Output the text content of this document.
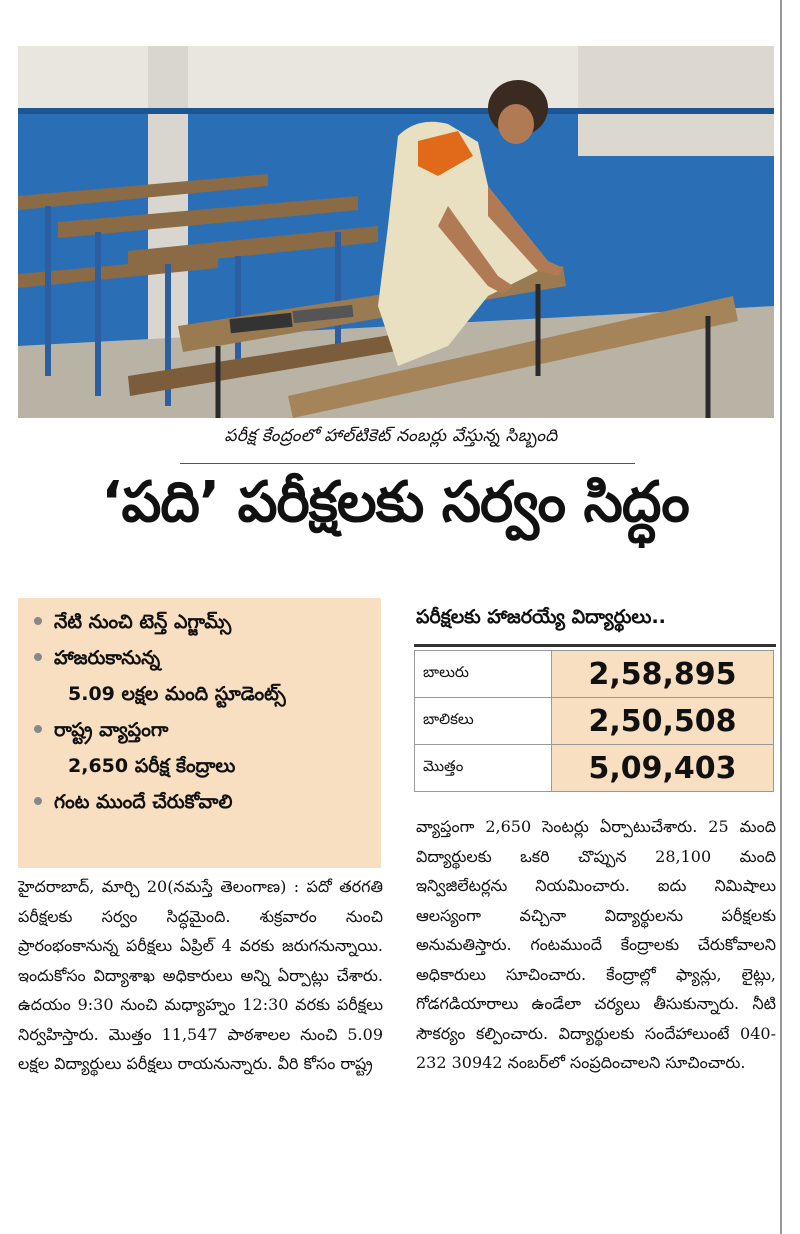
పరీక్ష కేంద్రంలో హాల్‌టికెట్ నంబర్లు వేస్తున్న సిబ్బంది
‘పది’ పరీక్షలకు సర్వం సిద్ధం
నేటి నుంచి టెన్త్ ఎగ్జామ్స్
హాజరుకానున్న
5.09 లక్షల మంది స్టూడెంట్స్
రాష్ట్ర వ్యాప్తంగా
2,650 పరీక్ష కేంద్రాలు
గంట ముందే చేరుకోవాలి
పరీక్షలకు హాజరయ్యే విద్యార్థులు..
బాలురు	2,58,895
బాలికలు	2,50,508
మొత్తం	5,09,403

హైదరాబాద్, మార్చి 20(నమస్తే తెలంగాణ) : పదో తరగతి పరీక్షలకు సర్వం సిద్ధమైంది. శుక్రవారం నుంచి ప్రారంభంకానున్న పరీక్షలు ఏప్రిల్ 4 వరకు జరుగనున్నాయి. ఇందుకోసం విద్యాశాఖ అధికారులు అన్ని ఏర్పాట్లు చేశారు. ఉదయం 9:30 నుంచి మధ్యాహ్నం 12:30 వరకు పరీక్షలు నిర్వహిస్తారు. మొత్తం 11,547 పాఠశాలల నుంచి 5.09 లక్షల విద్యార్థులు పరీక్షలు రాయనున్నారు. వీరి కోసం రాష్ట్ర

వ్యాప్తంగా 2,650 సెంటర్లు ఏర్పాటుచేశారు. 25 మంది విద్యార్థులకు ఒకరి చొప్పున 28,100 మంది ఇన్విజిలేటర్లను నియమించారు. ఐదు నిమిషాలు ఆలస్యంగా వచ్చినా విద్యార్థులను పరీక్షలకు అనుమతిస్తారు. గంటముందే కేంద్రాలకు చేరుకోవాలని అధికారులు సూచించారు. కేంద్రాల్లో ఫ్యాన్లు, లైట్లు, గోడగడియారాలు ఉండేలా చర్యలు తీసుకున్నారు. నీటి సౌకర్యం కల్పించారు. విద్యార్థులకు సందేహాలుంటే 040-232 30942 నంబర్‌లో సంప్రదించాలని సూచించారు.
